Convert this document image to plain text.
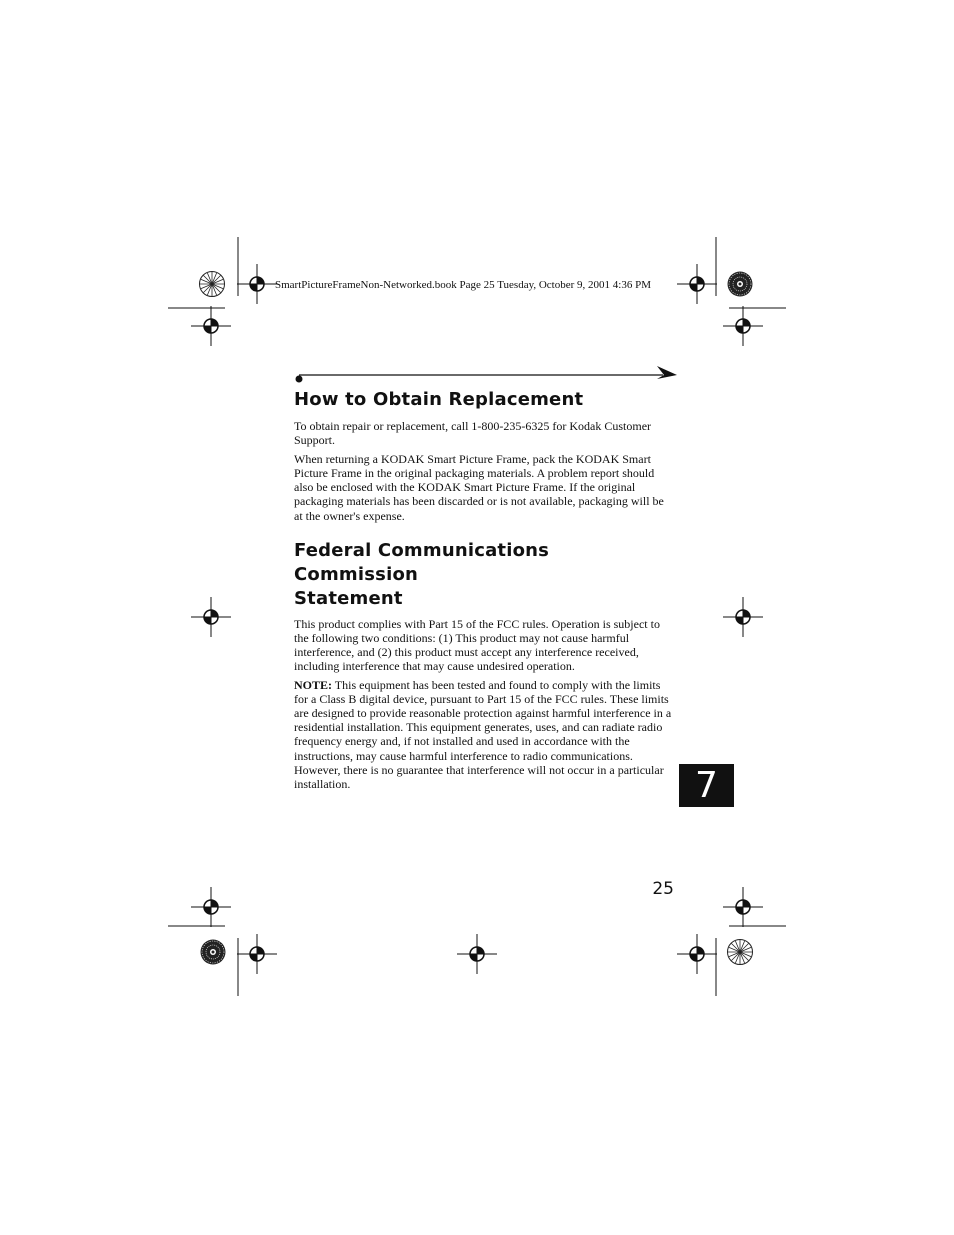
SmartPictureFrameNon-Networked.book Page 25 Tuesday, October 9, 2001 4:36 PM
How to Obtain Replacement

To obtain repair or replacement, call 1-800-235-6325 for Kodak Customer Support.

When returning a KODAK Smart Picture Frame, pack the KODAK Smart Picture Frame in the original packaging materials. A problem report should also be enclosed with the KODAK Smart Picture Frame. If the original packaging materials has been discarded or is not available, packaging will be at the owner's expense.

Federal Communications Commission
Statement

This product complies with Part 15 of the FCC rules. Operation is subject to the following two conditions: (1) This product may not cause harmful interference, and (2) this product must accept any interference received, including interference that may cause undesired operation.

NOTE: This equipment has been tested and found to comply with the limits for a Class B digital device, pursuant to Part 15 of the FCC rules. These limits are designed to provide reasonable protection against harmful interference in a residential installation. This equipment generates, uses, and can radiate radio frequency energy and, if not installed and used in accordance with the instructions, may cause harmful interference to radio communications. However, there is no guarantee that interference will not occur in a particular installation.	7
25
